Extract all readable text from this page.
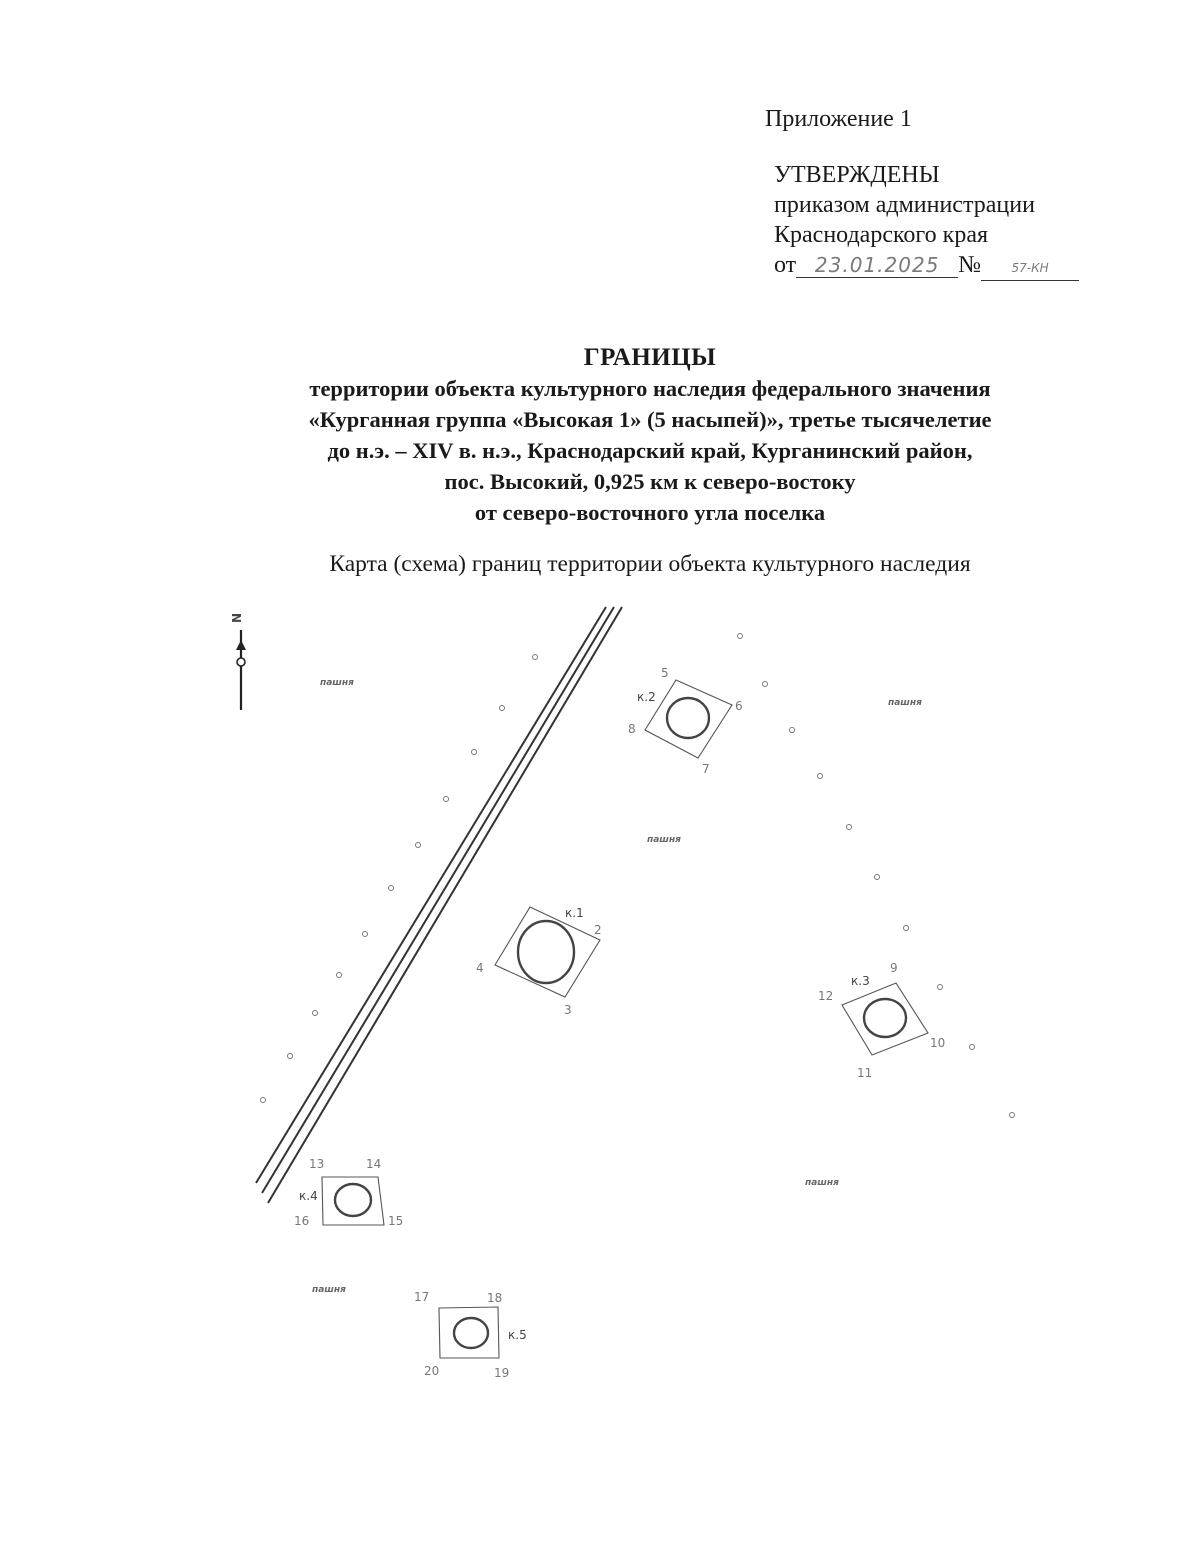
Приложение 1
УТВЕРЖДЕНЫ
приказом администрации
Краснодарского края
от 23.01.2025 №	57-КН
ГРАНИЦЫ
территории объекта культурного наследия федерального значения
«Курганная группа «Высокая 1» (5 насыпей)», третье тысячелетие
до н.э. – XIV в. н.э., Краснодарский край, Курганинский район,
пос. Высокий, 0,925 км к северо-востоку
от северо-восточного угла поселка
Карта (схема) границ территории объекта культурного наследия
N
пашня
пашня
пашня
пашня
пашня
к.1
2
3
4
к.2
5
6
7
8
к.3
9
10
11
12
к.4
13	14
15
16
к.5
17	18
19
20
